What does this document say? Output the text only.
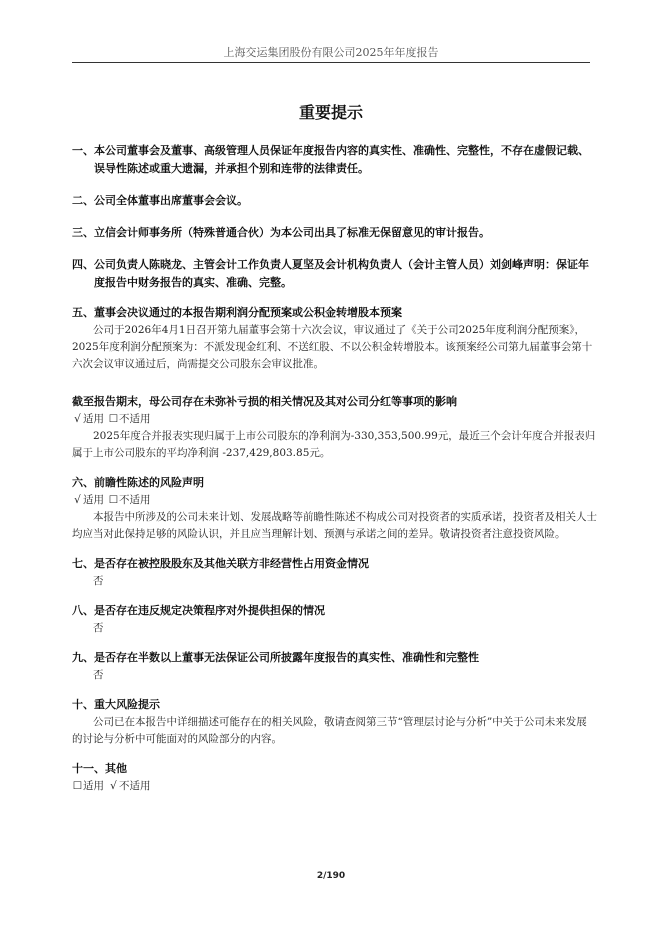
上海交运集团股份有限公司2025年年度报告
重要提示
一、 本公司董事会及董事、高级管理人员保证年度报告内容的真实性、准确性、完整性，不存在虚假记载、误导性陈述或重大遗漏，并承担个别和连带的法律责任。
二、 公司全体董事出席董事会会议。
三、 立信会计师事务所（特殊普通合伙）为本公司出具了标准无保留意见的审计报告。
四、 公司负责人陈晓龙、主管会计工作负责人夏坚及会计机构负责人（会计主管人员）刘剑峰声明：保证年度报告中财务报告的真实、准确、完整。
五、 董事会决议通过的本报告期利润分配预案或公积金转增股本预案
公司于2026年4月1日召开第九届董事会第十六次会议，审议通过了《关于公司2025年度利润分配预案》，2025年度利润分配预案为：不派发现金红利、不送红股、不以公积金转增股本。该预案经公司第九届董事会第十六次会议审议通过后，尚需提交公司股东会审议批准。
截至报告期末，母公司存在未弥补亏损的相关情况及其对公司分红等事项的影响
√ 适用 ☐不适用
2025年度合并报表实现归属于上市公司股东的净利润为-330,353,500.99元，最近三个会计年度合并报表归属于上市公司股东的平均净利润 -237,429,803.85元。
六、 前瞻性陈述的风险声明
√ 适用 ☐不适用
本报告中所涉及的公司未来计划、发展战略等前瞻性陈述不构成公司对投资者的实质承诺，投资者及相关人士均应当对此保持足够的风险认识，并且应当理解计划、预测与承诺之间的差异。敬请投资者注意投资风险。
七、 是否存在被控股股东及其他关联方非经营性占用资金情况
否
八、 是否存在违反规定决策程序对外提供担保的情况
否
九、 是否存在半数以上董事无法保证公司所披露年度报告的真实性、准确性和完整性
否
十、 重大风险提示
公司已在本报告中详细描述可能存在的相关风险，敬请查阅第三节“管理层讨论与分析”中关于公司未来发展的讨论与分析中可能面对的风险部分的内容。
十一、 其他
☐适用 √ 不适用
2/190
